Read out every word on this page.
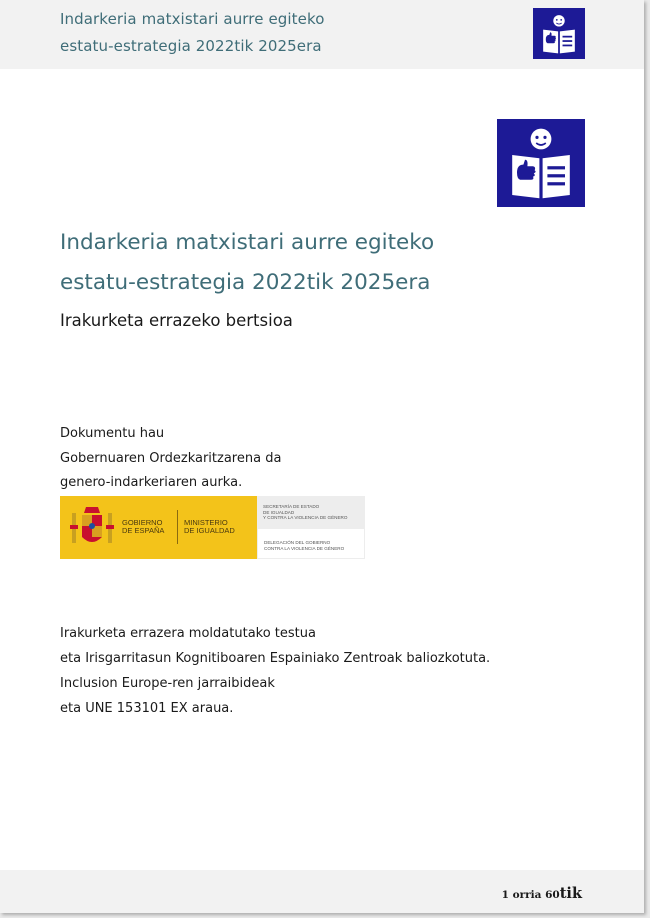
Indarkeria matxistari aurre egiteko
estatu-estrategia 2022tik 2025era
Indarkeria matxistari aurre egiteko
estatu-estrategia 2022tik 2025era
Irakurketa errazeko bertsioa
Dokumentu hau
Gobernuaren Ordezkaritzarena da
genero-indarkeriaren aurka.
GOBIERNO
DE ESPAÑA
MINISTERIO
DE IGUALDAD
SECRETARÍA DE ESTADO
DE IGUALDAD
Y CONTRA LA VIOLENCIA DE GÉNERO
DELEGACIÓN DEL GOBIERNO
CONTRA LA VIOLENCIA DE GÉNERO
Irakurketa errazera moldatutako testua
eta Irisgarritasun Kognitiboaren Espainiako Zentroak baliozkotuta.
Inclusion Europe-ren jarraibideak
eta UNE 153101 EX araua.
1 orria 60tik
